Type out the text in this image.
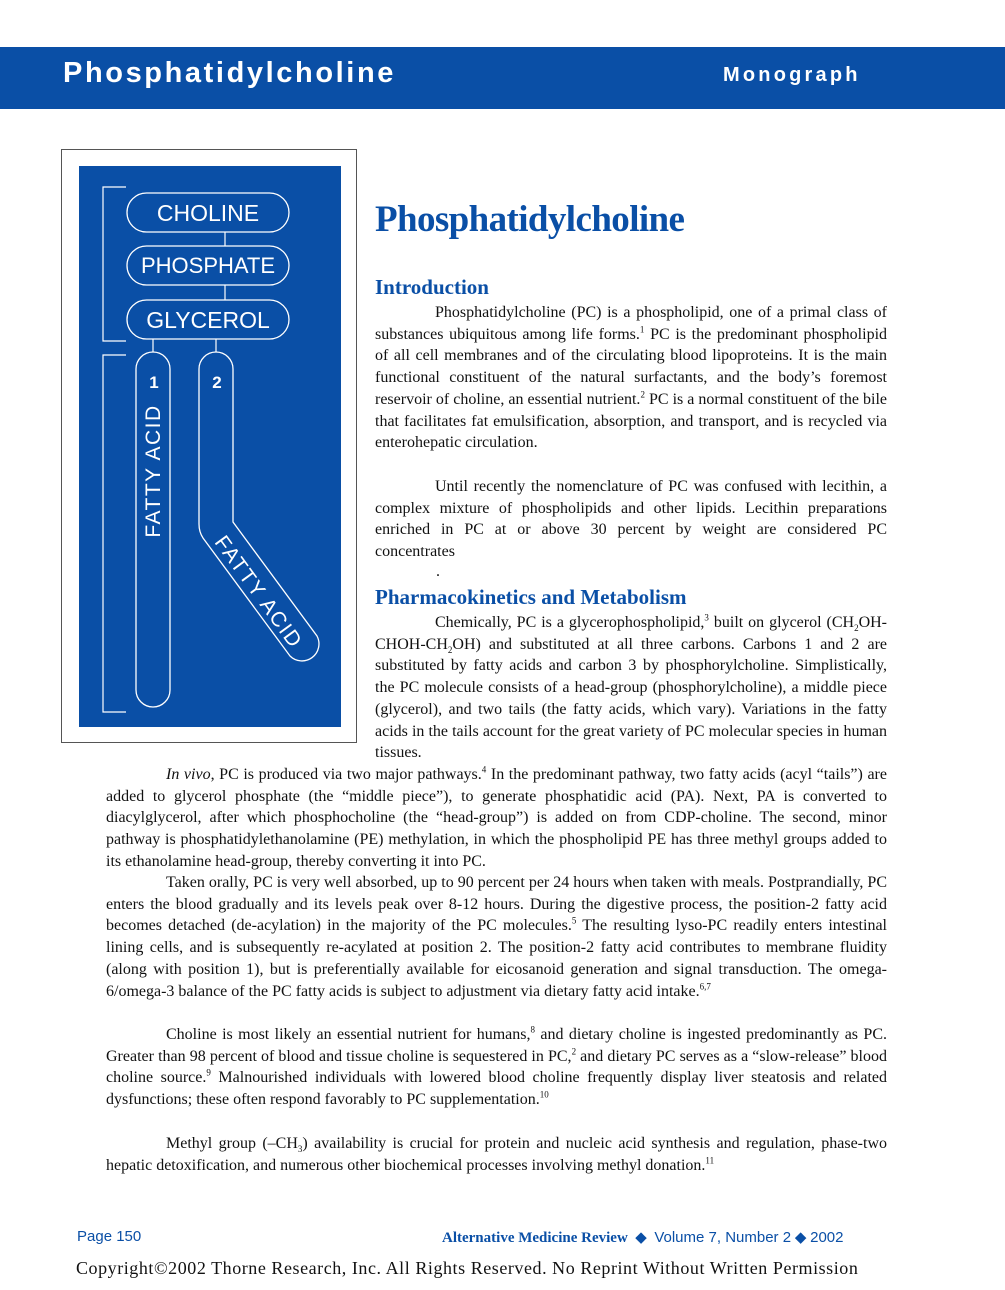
Phosphatidylcholine	Monograph
CHOLINE
PHOSPHATE
GLYCEROL
1
FATTY ACID
2
FATTY ACID
Phosphatidylcholine
Introduction

Phosphatidylcholine (PC) is a phospholipid, one of a primal class of substances ubiquitous among life forms.$^1$ PC is the predominant phospholipid of all cell membranes and of the circulating blood lipoproteins. It is the main functional constituent of the natural surfactants, and the body’s foremost reservoir of choline, an essential nutrient.$^2$ PC is a normal constituent of the bile that facilitates fat emulsification, absorption, and transport, and is recycled via enterohepatic circulation.

Until recently the nomenclature of PC was confused with lecithin, a complex mixture of phospholipids and other lipids. Lecithin preparations enriched in PC at or above 30 percent by weight are considered PC concentrates

.
Pharmacokinetics and Metabolism

Chemically, PC is a glycerophospholipid,$^3$ built on glycerol $(CH_2OH-CHOH-CH_2OH)$ and substituted at all three carbons. Carbons 1 and 2 are substituted by fatty acids and carbon 3 by phosphorylcholine. Simplistically, the PC molecule consists of a head-group (phosphorylcholine), a middle piece (glycerol), and two tails (the fatty acids, which vary). Variations in the fatty acids in the tails account for the great variety of PC molecular species in human tissues.

In vivo, PC is produced via two major pathways.$^4$ In the predominant pathway, two fatty acids (acyl “tails”) are added to glycerol phosphate (the “middle piece”), to generate phosphatidic acid (PA). Next, PA is converted to diacylglycerol, after which phosphocholine (the “head-group”) is added on from CDP-choline. The second, minor pathway is phosphatidylethanolamine (PE) methylation, in which the phospholipid PE has three methyl groups added to its ethanolamine head-group, thereby converting it into PC.

Taken orally, PC is very well absorbed, up to 90 percent per 24 hours when taken with meals. Postprandially, PC enters the blood gradually and its levels peak over 8-12 hours. During the digestive process, the position-2 fatty acid becomes detached (de-acylation) in the majority of the PC molecules.$^5$ The resulting lyso-PC readily enters intestinal lining cells, and is subsequently re-acylated at position 2. The position-2 fatty acid contributes to membrane fluidity (along with position 1), but is preferentially available for eicosanoid generation and signal transduction. The omega-6/omega-3 balance of the PC fatty acids is subject to adjustment via dietary fatty acid intake.$^{6,7}$

Choline is most likely an essential nutrient for humans,$^8$ and dietary choline is ingested predominantly as PC. Greater than 98 percent of blood and tissue choline is sequestered in PC,$^2$ and dietary PC serves as a “slow-release” blood choline source.$^9$ Malnourished individuals with lowered blood choline frequently display liver steatosis and related dysfunctions; these often respond favorably to PC supplementation.$^{10}$

Methyl group $(-CH_3)$ availability is crucial for protein and nucleic acid synthesis and regulation, phase-two hepatic detoxification, and numerous other biochemical processes involving methyl donation.$^{11}$

Page 150	Alternative Medicine Review ◆ Volume 7, Number 2 ◆ 2002
Copyright©2002 Thorne Research, Inc. All Rights Reserved. No Reprint Without Written Permission
